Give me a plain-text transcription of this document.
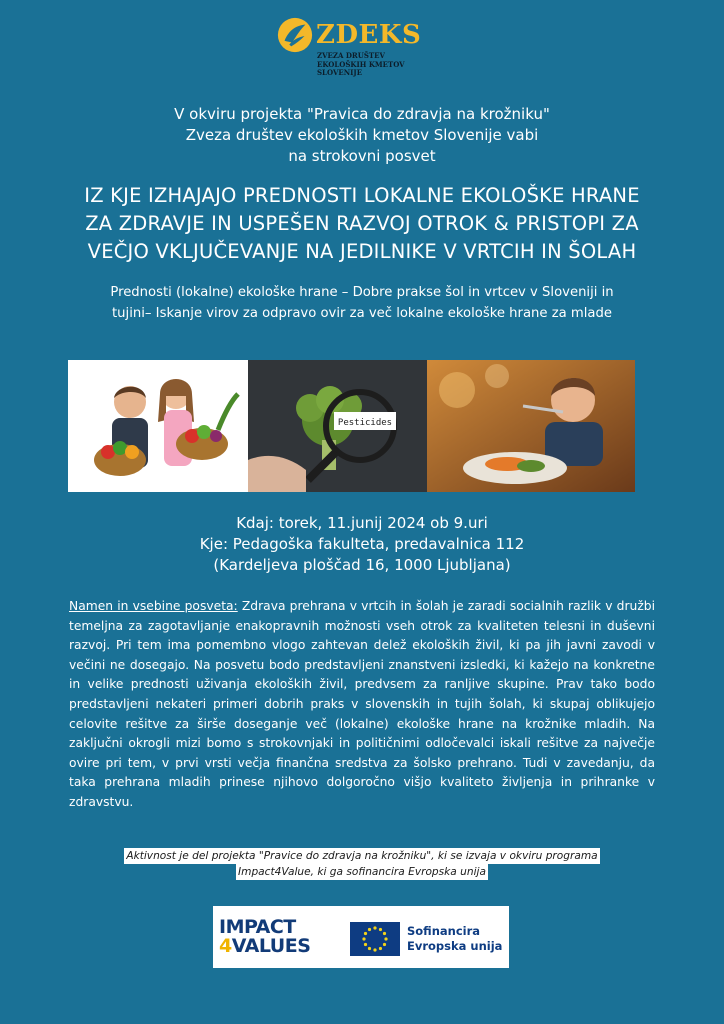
ZDEKS
ZVEZA DRUŠTEV
EKOLOŠKIH KMETOV
SLOVENIJE
V okviru projekta "Pravica do zdravja na krožniku"
Zveza društev ekoloških kmetov Slovenije vabi
na strokovni posvet
IZ KJE IZHAJAJO PREDNOSTI LOKALNE EKOLOŠKE HRANE
ZA ZDRAVJE IN USPEŠEN RAZVOJ OTROK & PRISTOPI ZA
VEČJO VKLJUČEVANJE NA JEDILNIKE V VRTCIH IN ŠOLAH
Prednosti (lokalne) ekološke hrane – Dobre prakse šol in vrtcev v Sloveniji in
tujini– Iskanje virov za odpravo ovir za več lokalne ekološke hrane za mlade
Pesticides
Kdaj: torek, 11.junij 2024 ob 9.uri
Kje: Pedagoška fakulteta, predavalnica 112
(Kardeljeva ploščad 16, 1000 Ljubljana)
Namen in vsebine posveta: Zdrava prehrana v vrtcih in šolah je zaradi socialnih razlik v družbi temeljna za zagotavljanje enakopravnih možnosti vseh otrok za kvaliteten telesni in duševni razvoj. Pri tem ima pomembno vlogo zahtevan delež ekoloških živil, ki pa jih javni zavodi v večini ne dosegajo. Na posvetu bodo predstavljeni znanstveni izsledki, ki kažejo na konkretne in velike prednosti uživanja ekoloških živil, predvsem za ranljive skupine. Prav tako bodo predstavljeni nekateri primeri dobrih praks v slovenskih in tujih šolah, ki skupaj oblikujejo celovite rešitve za širše doseganje več (lokalne) ekološke hrane na krožnike mladih. Na zaključni okrogli mizi bomo s strokovnjaki in političnimi odločevalci iskali rešitve za največje ovire pri tem, v prvi vrsti večja finančna sredstva za šolsko prehrano. Tudi v zavedanju, da taka prehrana mladih prinese njihovo dolgoročno višjo kvaliteto življenja in prihranke v zdravstvu.
Aktivnost je del projekta "Pravice do zdravja na krožniku", ki se izvaja v okviru programa
Impact4Value, ki ga sofinancira Evropska unija
IMPACT
4VALUES
Sofinancira
Evropska unija
